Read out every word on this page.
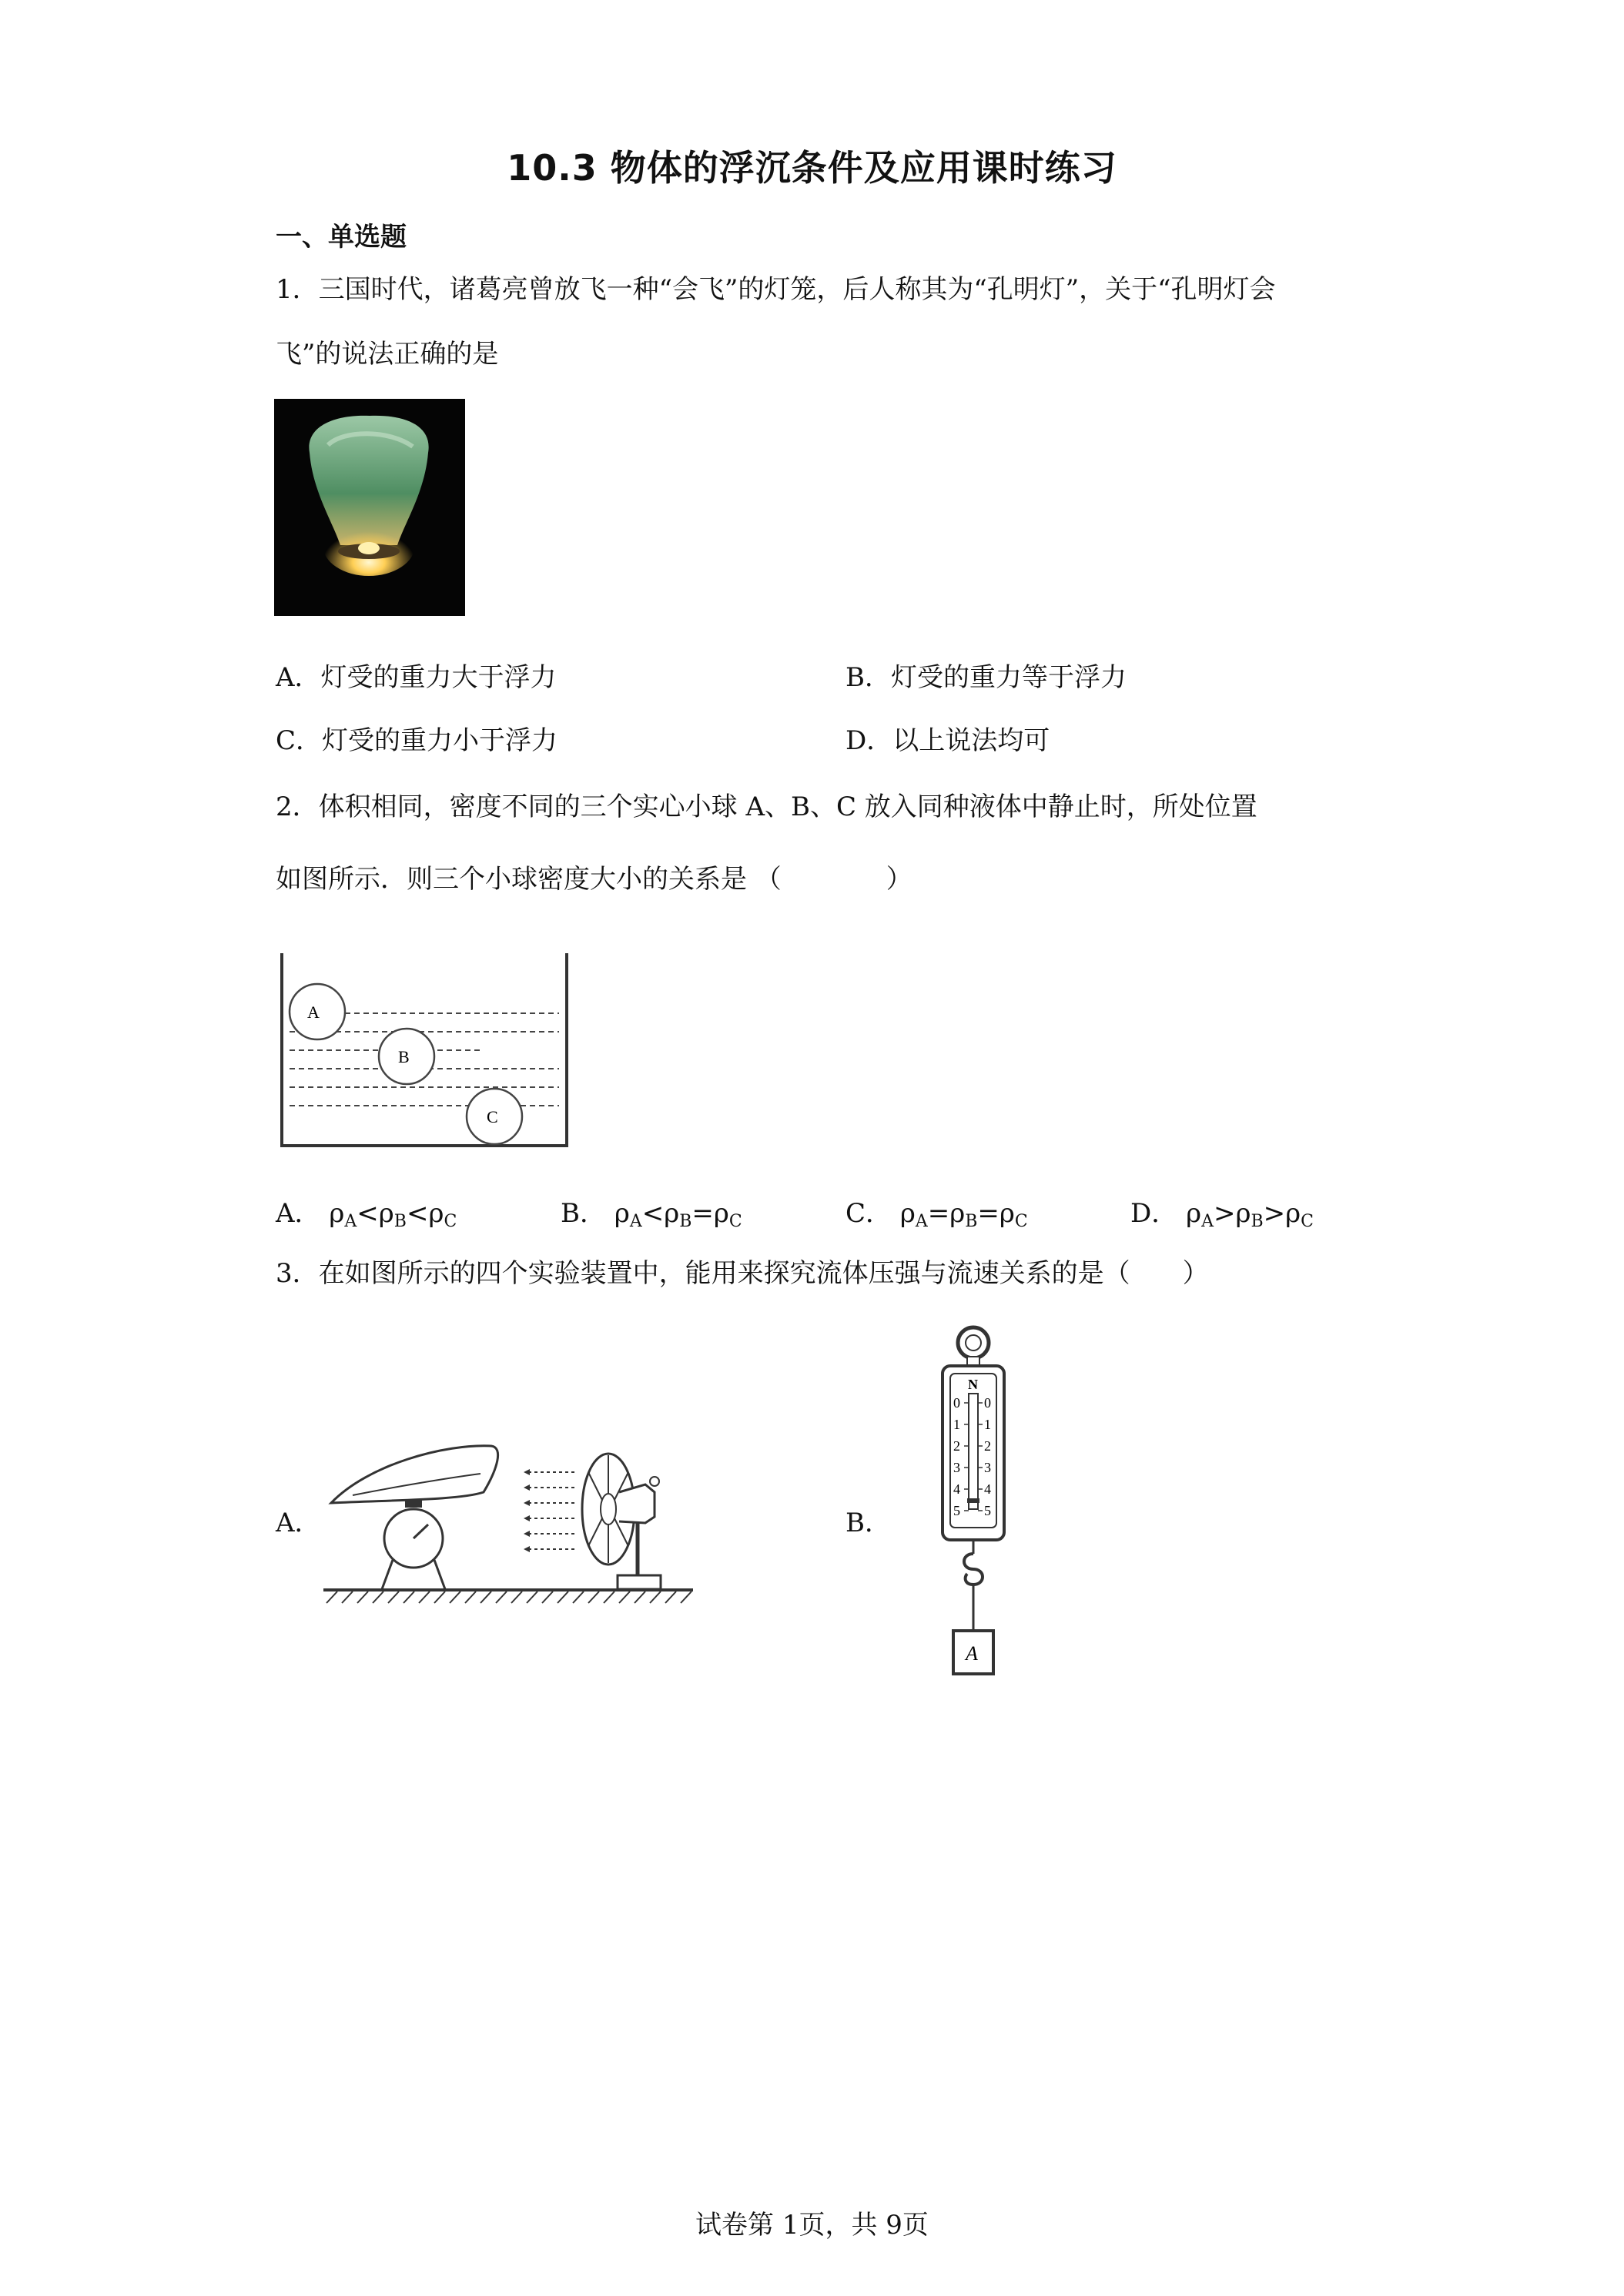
10.3 物体的浮沉条件及应用课时练习
一、单选题
1．三国时代，诸葛亮曾放飞一种“会飞”的灯笼，后人称其为“孔明灯”，关于“孔明灯会
飞”的说法正确的是
A．灯受的重力大于浮力	B．灯受的重力等于浮力
C．灯受的重力小于浮力	D．以上说法均可
2．体积相同，密度不同的三个实心小球 A、B、C 放入同种液体中静止时，所处位置
如图所示．则三个小球密度大小的关系是 （　　　　）
A
B
C
A． $\rho_A<\rho_B<\rho_C$	B． $\rho_A<\rho_B=\rho_C$	C． $\rho_A=\rho_B=\rho_C$	D． $\rho_A>\rho_B>\rho_C$
3．在如图所示的四个实验装置中，能用来探究流体压强与流速关系的是（　　）
A．	B．
N
0
1
2
3
4
5
0
1
2
3
4
5
A
试卷第 1页，共 9页
